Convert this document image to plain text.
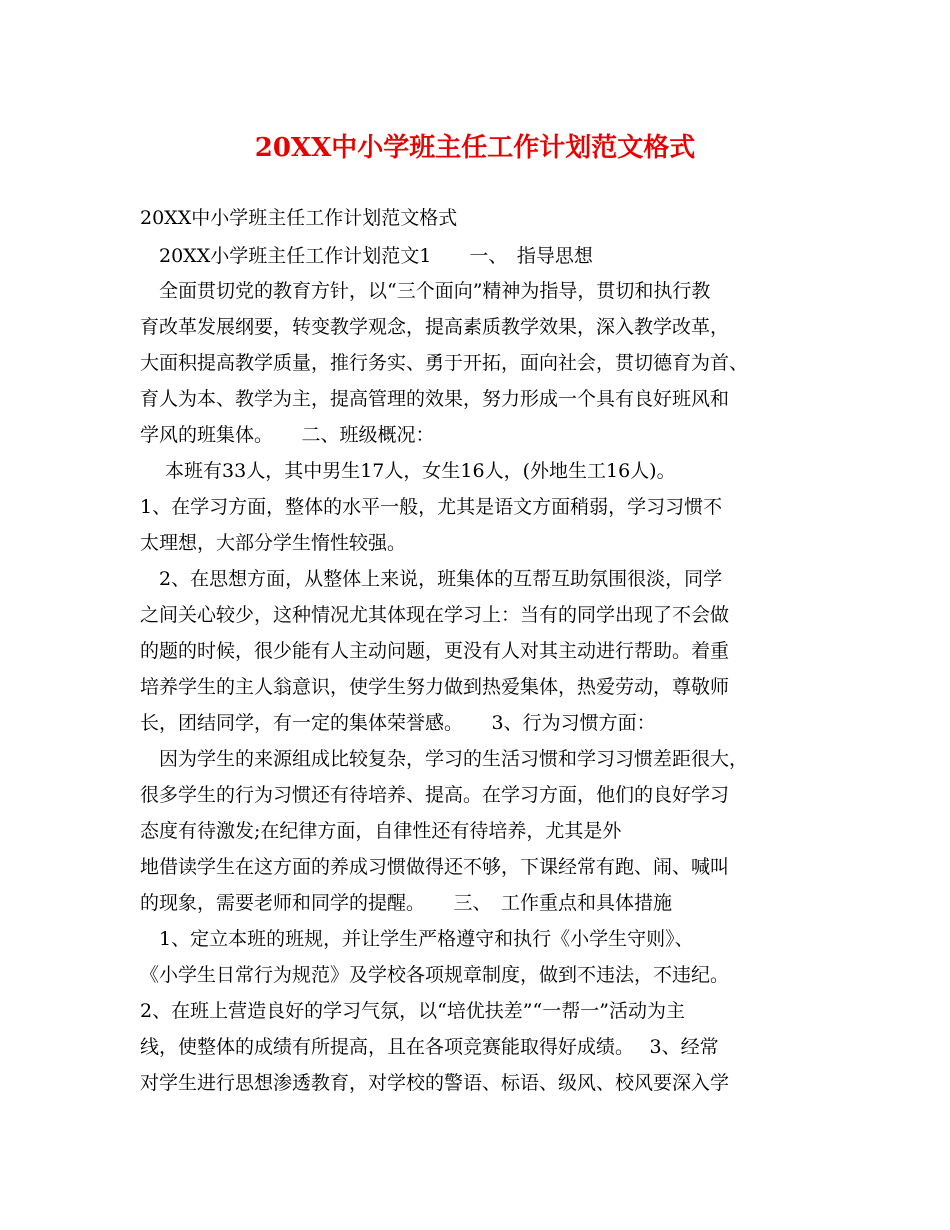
20XX中小学班主任工作计划范文格式
20XX中小学班主任工作计划范文格式
　20XX小学班主任工作计划范文1　　一、　指导思想
　全面贯切党的教育方针，以“三个面向”精神为指导，贯切和执行教
育改革发展纲要，转变教学观念，提高素质教学效果，深入教学改革，
大面积提高教学质量，推行务实、勇于开拓，面向社会，贯切德育为首、
育人为本、教学为主，提高管理的效果，努力形成一个具有良好班风和
学风的班集体。　　二、班级概况：
　 本班有33人，其中男生17人，女生16人，(外地生工16人)。
1、在学习方面，整体的水平一般，尤其是语文方面稍弱，学习习惯不
太理想，大部分学生惰性较强。
　2、在思想方面，从整体上来说，班集体的互帮互助氛围很淡，同学
之间关心较少，这种情况尤其体现在学习上：当有的同学出现了不会做
的题的时候，很少能有人主动问题，更没有人对其主动进行帮助。着重
培养学生的主人翁意识，使学生努力做到热爱集体，热爱劳动，尊敬师
长，团结同学，有一定的集体荣誉感。　　3、行为习惯方面：
　因为学生的来源组成比较复杂，学习的生活习惯和学习习惯差距很大，
很多学生的行为习惯还有待培养、提高。在学习方面，他们的良好学习
态度有待激发;在纪律方面，自律性还有待培养，尤其是外
地借读学生在这方面的养成习惯做得还不够，下课经常有跑、闹、喊叫
的现象，需要老师和同学的提醒。　　三、　工作重点和具体措施
　1、定立本班的班规，并让学生严格遵守和执行《小学生守则》、
《小学生日常行为规范》及学校各项规章制度，做到不违法，不违纪。
2、在班上营造良好的学习气氛，以“培优扶差”“一帮一”活动为主
线，使整体的成绩有所提高，且在各项竞赛能取得好成绩。　 3、经常
对学生进行思想渗透教育，对学校的警语、标语、级风、校风要深入学
